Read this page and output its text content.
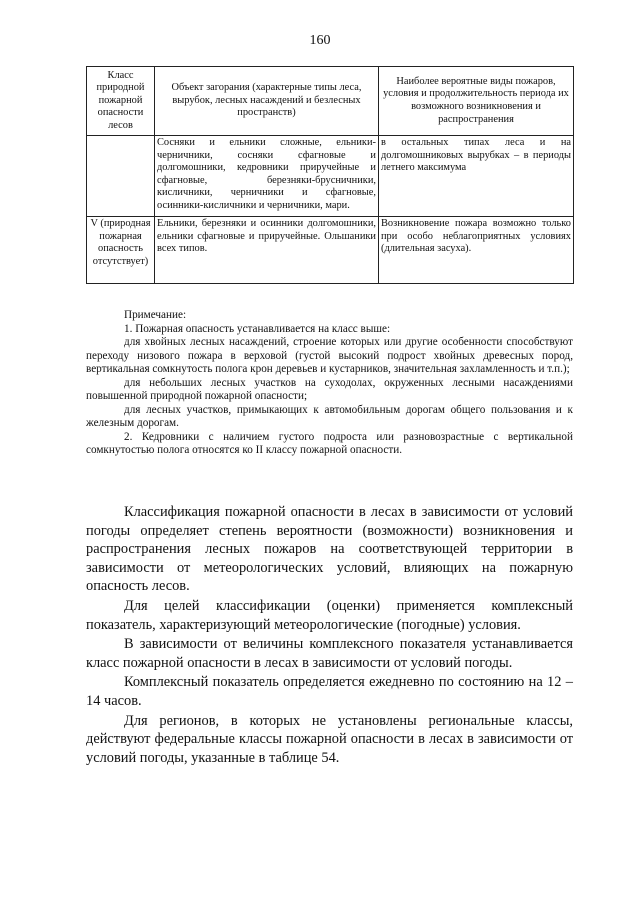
160
Класс природной пожарной опасности лесов	Объект загорания (характерные типы леса, вырубок, лесных насаждений и безлесных пространств)	Наиболее вероятные виды пожаров, условия и продолжительность периода их возможного возникновения и распространения
	Сосняки и ельники сложные, ельники-черничники, сосняки сфагновые и долгомошники, кедровники приручейные и сфагновые, березняки-брусничники, кисличники, черничники и сфагновые, осинники-кисличники и черничники, мари.	в остальных типах леса и на долгомошниковых вырубках – в периоды летнего максимума
V (природная пожарная опасность отсутствует)	Ельники, березняки и осинники долгомошники, ельники сфагновые и приручейные. Ольшаники всех типов.	Возникновение пожара возможно только при особо неблагоприятных условиях (длительная засуха).

Примечание:

1. Пожарная опасность устанавливается на класс выше:

для хвойных лесных насаждений, строение которых или другие особенности способствуют переходу низового пожара в верховой (густой высокий подрост хвойных древесных пород, вертикальная сомкнутость полога крон деревьев и кустарников, значительная захламленность и т.п.);

для небольших лесных участков на суходолах, окруженных лесными насаждениями повышенной природной пожарной опасности;

для лесных участков, примыкающих к автомобильным дорогам общего пользования и к железным дорогам.

2. Кедровники с наличием густого подроста или разновозрастные с вертикальной сомкнутостью полога относятся ко II классу пожарной опасности.

Классификация пожарной опасности в лесах в зависимости от условий погоды определяет степень вероятности (возможности) возникновения и распространения лесных пожаров на соответствующей территории в зависимости от метеорологических условий, влияющих на пожарную опасность лесов.

Для целей классификации (оценки) применяется комплексный показатель, характеризующий метеорологические (погодные) условия.

В зависимости от величины комплексного показателя устанавливается класс пожарной опасности в лесах в зависимости от условий погоды.

Комплексный показатель определяется ежедневно по состоянию на 12 – 14 часов.

Для регионов, в которых не установлены региональные классы, действуют федеральные классы пожарной опасности в лесах в зависимости от условий погоды, указанные в таблице 54.
